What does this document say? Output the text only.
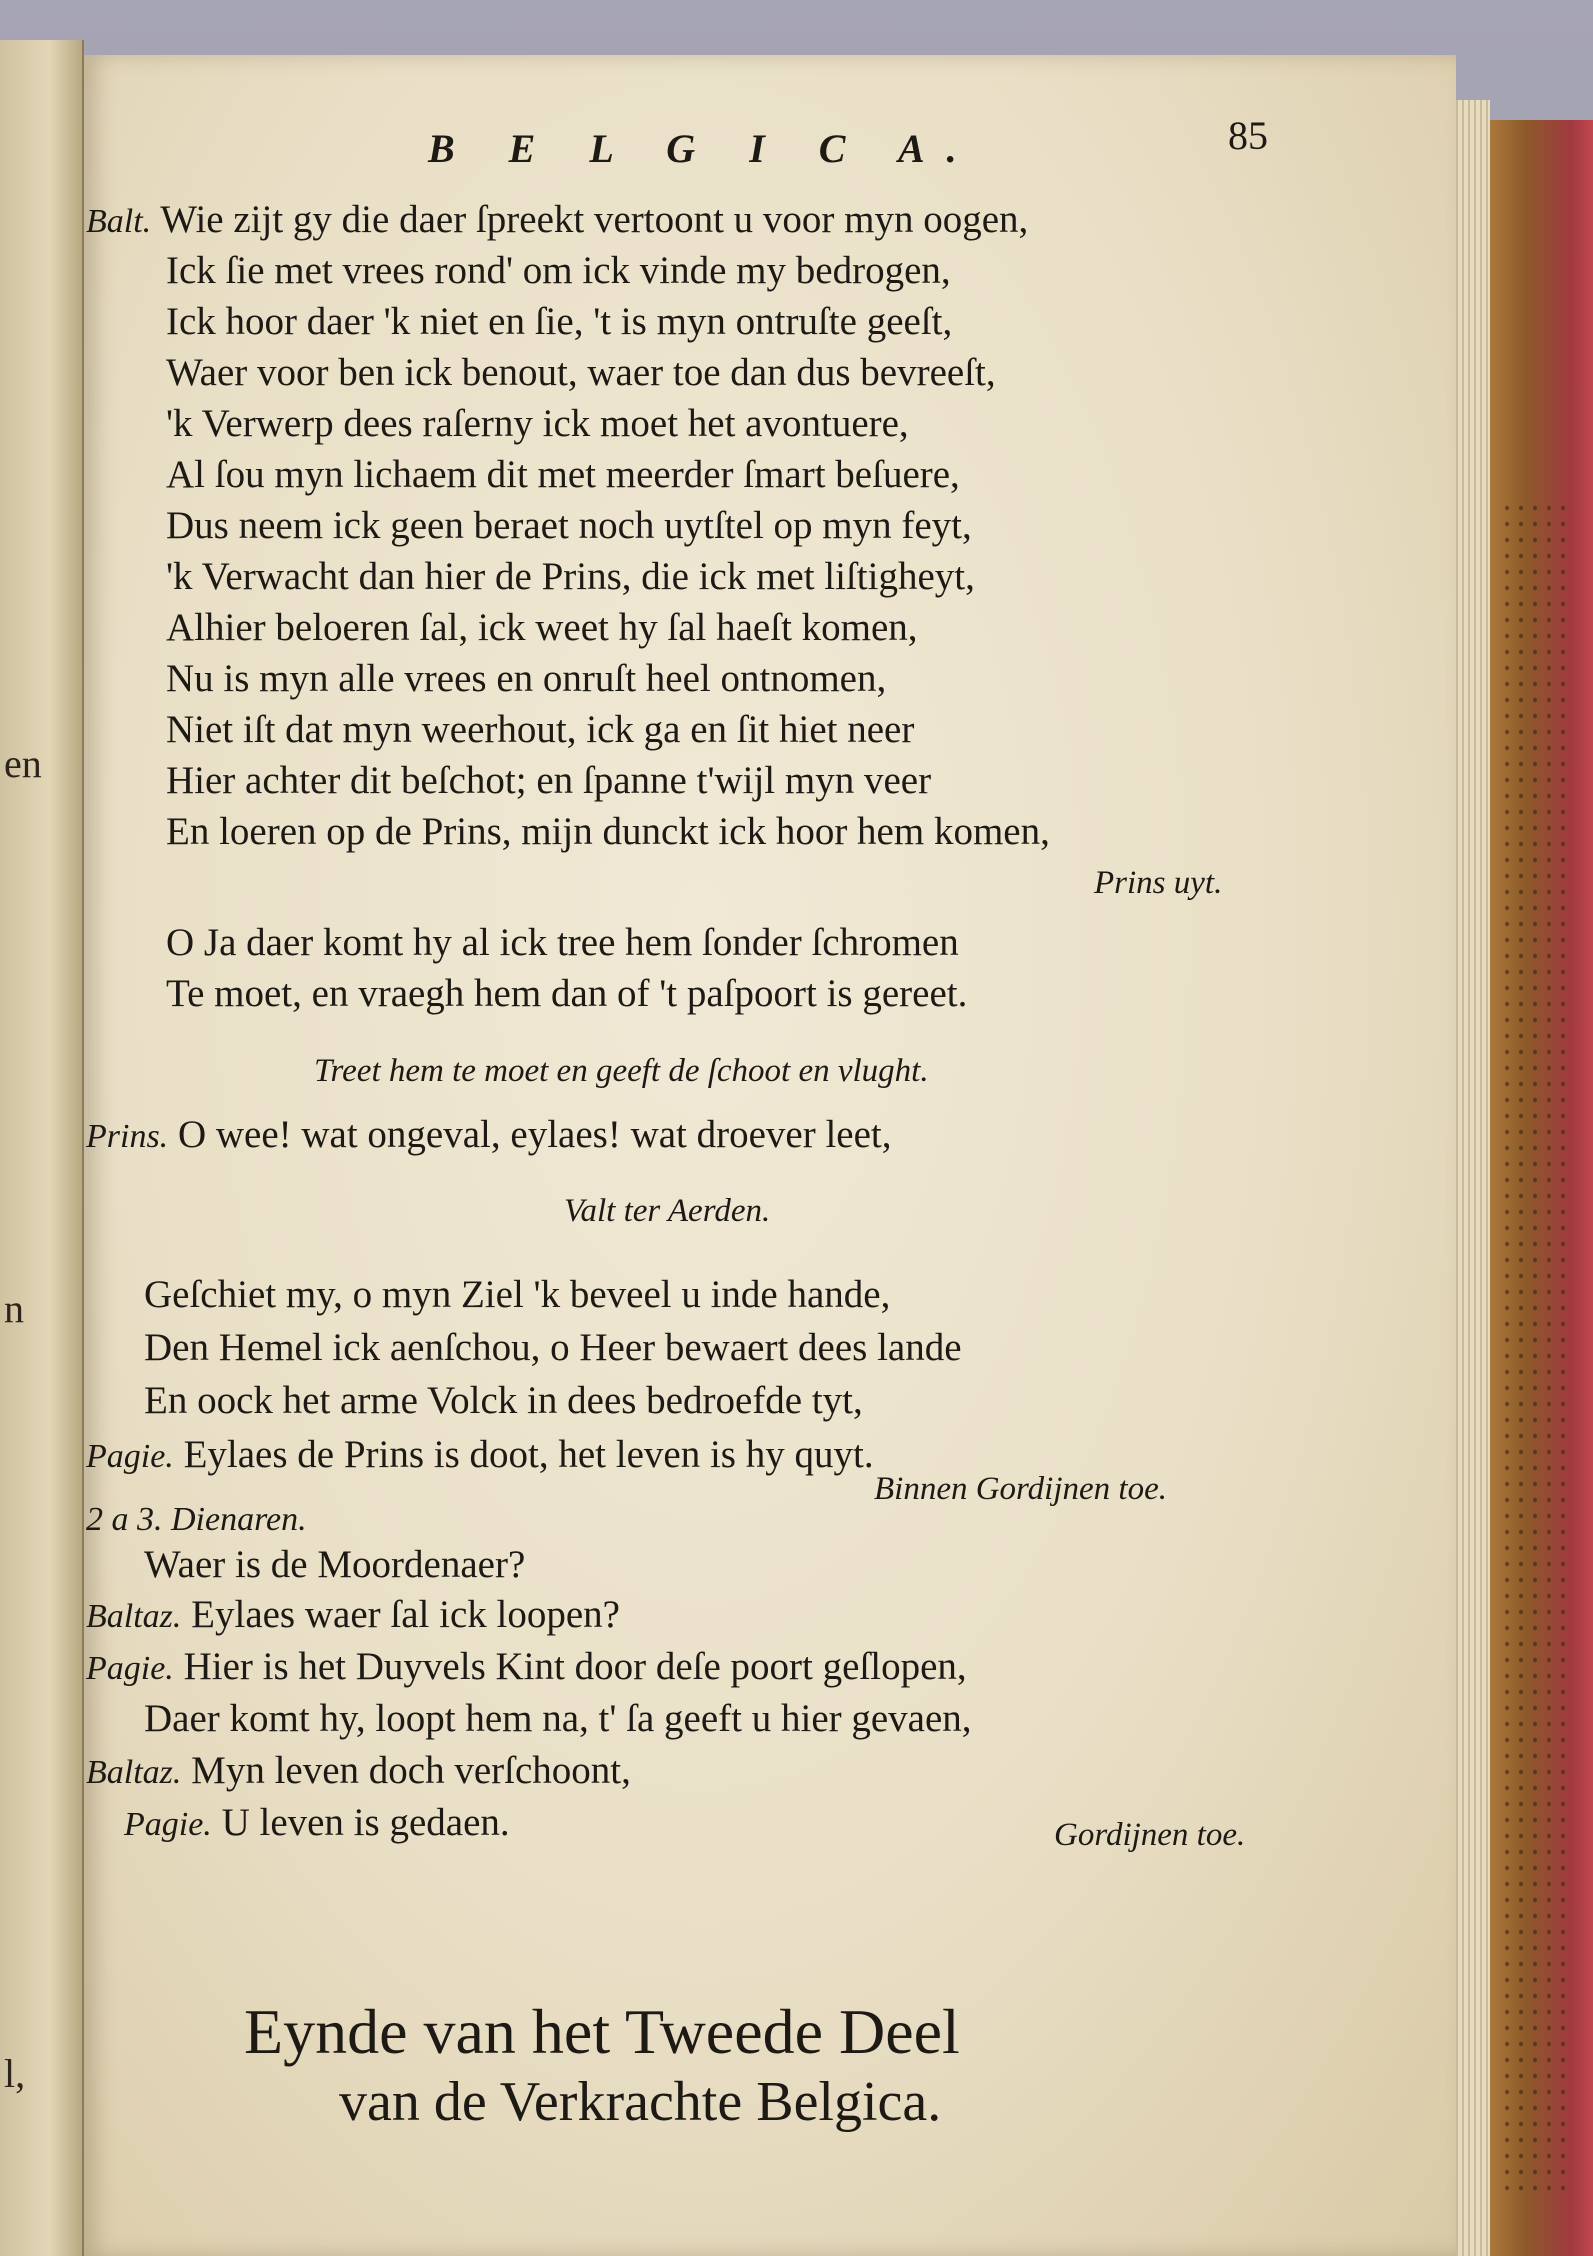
en
n
l,
B E L G I C A.	85
Balt. Wie zijt gy die daer ſpreekt vertoont u voor myn oogen,
Ick ſie met vrees rond' om ick vinde my bedrogen,
Ick hoor daer 'k niet en ſie, 't is myn ontruſte geeſt,
Waer voor ben ick benout, waer toe dan dus bevreeſt,
'k Verwerp dees raſerny ick moet het avontuere,
Al ſou myn lichaem dit met meerder ſmart beſuere,
Dus neem ick geen beraet noch uytſtel op myn feyt,
'k Verwacht dan hier de Prins, die ick met liſtigheyt,
Alhier beloeren ſal, ick weet hy ſal haeſt komen,
Nu is myn alle vrees en onruſt heel ontnomen,
Niet iſt dat myn weerhout, ick ga en ſit hiet neer
Hier achter dit beſchot; en ſpanne t'wijl myn veer
En loeren op de Prins, mijn dunckt ick hoor hem komen,
Prins uyt.
O Ja daer komt hy al ick tree hem ſonder ſchromen
Te moet, en vraegh hem dan of 't paſpoort is gereet.
Treet hem te moet en geeft de ſchoot en vlught.
Prins. O wee! wat ongeval, eylaes! wat droever leet,
Valt ter Aerden.
Geſchiet my, o myn Ziel 'k beveel u inde hande,
Den Hemel ick aenſchou, o Heer bewaert dees lande
En oock het arme Volck in dees bedroefde tyt,
Pagie. Eylaes de Prins is doot, het leven is hy quyt.
Binnen Gordijnen toe.
2 a 3. Dienaren.
Waer is de Moordenaer?
Baltaz. Eylaes waer ſal ick loopen?
Pagie. Hier is het Duyvels Kint door deſe poort geſlopen,
Daer komt hy, loopt hem na, t' ſa geeft u hier gevaen,
Baltaz. Myn leven doch verſchoont,
Pagie. U leven is gedaen.	Gordijnen toe.
Eynde van het Tweede Deel
van de Verkrachte Belgica.
